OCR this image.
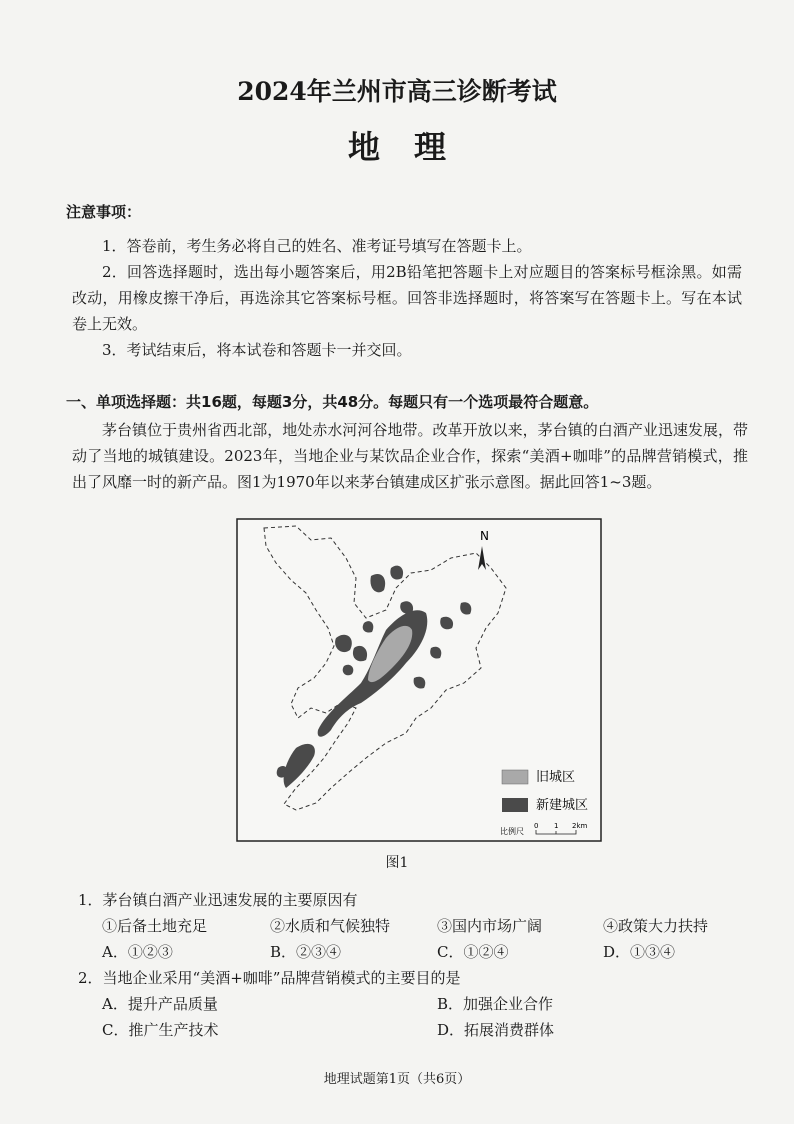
2024年兰州市高三诊断考试
地理
注意事项：
1．答卷前，考生务必将自己的姓名、准考证号填写在答题卡上。
2．回答选择题时，选出每小题答案后，用2B铅笔把答题卡上对应题目的答案标号框涂黑。如需改动，用橡皮擦干净后，再选涂其它答案标号框。回答非选择题时，将答案写在答题卡上。写在本试卷上无效。
3．考试结束后，将本试卷和答题卡一并交回。
一、单项选择题：共16题，每题3分，共48分。每题只有一个选项最符合题意。
茅台镇位于贵州省西北部，地处赤水河河谷地带。改革开放以来，茅台镇的白酒产业迅速发展，带动了当地的城镇建设。2023年，当地企业与某饮品企业合作，探索“美酒+咖啡”的品牌营销模式，推出了风靡一时的新产品。图1为1970年以来茅台镇建成区扩张示意图。据此回答1~3题。
N
旧城区
新建城区
比例尺
0 1 2km
图1
1．茅台镇白酒产业迅速发展的主要原因有
①后备土地充足	②水质和气候独特	③国内市场广阔	④政策大力扶持
A．①②③	B．②③④	C．①②④	D．①③④
2．当地企业采用“美酒+咖啡”品牌营销模式的主要目的是
A．提升产品质量	B．加强企业合作
C．推广生产技术	D．拓展消费群体
地理试题第1页（共6页）
